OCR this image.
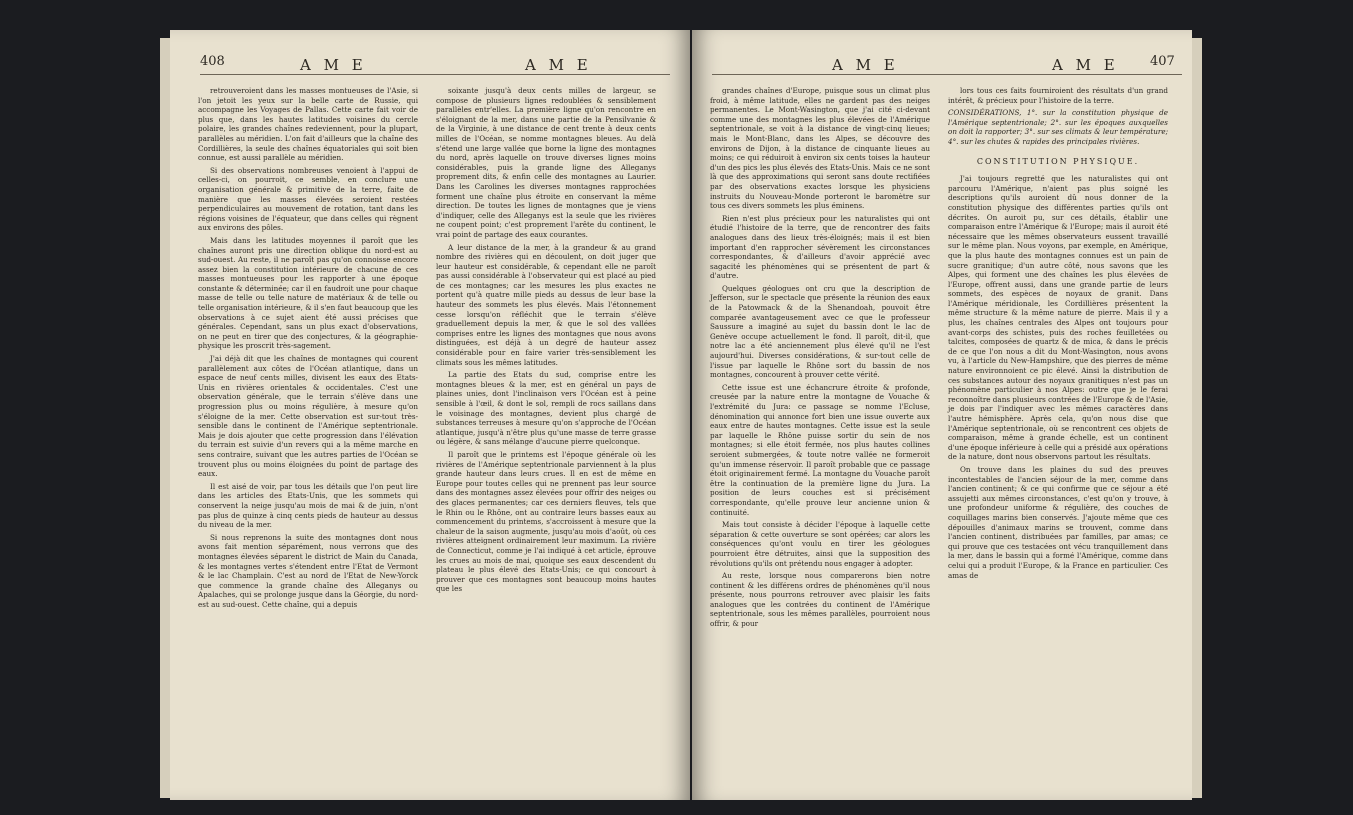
408	A M E	A M E

retrouveroient dans les masses montueuses de l'Asie, si l'on jetoit les yeux sur la belle carte de Russie, qui accompagne les Voyages de Pallas. Cette carte fait voir de plus que, dans les hautes latitudes voisines du cercle polaire, les grandes chaînes redeviennent, pour la plupart, parallèles au méridien. L'on fait d'ailleurs que la chaîne des Cordillières, la seule des chaînes équatoriales qui soit bien connue, est aussi parallèle au méridien.

Si des observations nombreuses venoient à l'appui de celles-ci, on pourroit, ce semble, en conclure une organisation générale & primitive de la terre, faite de manière que les masses élevées seroient restées perpendiculaires au mouvement de rotation, tant dans les régions voisines de l'équateur, que dans celles qui règnent aux environs des pôles.

Mais dans les latitudes moyennes il paroît que les chaînes auront pris une direction oblique du nord-est au sud-ouest. Au reste, il ne paroît pas qu'on connoisse encore assez bien la constitution intérieure de chacune de ces masses montueuses pour les rapporter à une époque constante & déterminée; car il en faudroit une pour chaque masse de telle ou telle nature de matériaux & de telle ou telle organisation intérieure, & il s'en faut beaucoup que les observations à ce sujet aient été aussi précises que générales. Cependant, sans un plus exact d'observations, on ne peut en tirer que des conjectures, & la géographie-physique les proscrit très-sagement.

J'ai déjà dit que les chaînes de montagnes qui courent parallèlement aux côtes de l'Océan atlantique, dans un espace de neuf cents milles, divisent les eaux des Etats-Unis en rivières orientales & occidentales. C'est une observation générale, que le terrain s'élève dans une progression plus ou moins régulière, à mesure qu'on s'éloigne de la mer. Cette observation est sur-tout très-sensible dans le continent de l'Amérique septentrionale. Mais je dois ajouter que cette progression dans l'élévation du terrain est suivie d'un revers qui a la même marche en sens contraire, suivant que les autres parties de l'Océan se trouvent plus ou moins éloignées du point de partage des eaux.

Il est aisé de voir, par tous les détails que l'on peut lire dans les articles des Etats-Unis, que les sommets qui conservent la neige jusqu'au mois de mai & de juin, n'ont pas plus de quinze à cinq cents pieds de hauteur au dessus du niveau de la mer.

Si nous reprenons la suite des montagnes dont nous avons fait mention séparément, nous verrons que des montagnes élevées séparent le district de Main du Canada, & les montagnes vertes s'étendent entre l'Etat de Vermont & le lac Champlain. C'est au nord de l'Etat de New-Yorck que commence la grande chaîne des Alleganys ou Apalaches, qui se prolonge jusque dans la Géorgie, du nord-est au sud-ouest. Cette chaîne, qui a depuis

soixante jusqu'à deux cents milles de largeur, se compose de plusieurs lignes redoublées & sensiblement parallèles entr'elles. La première ligne qu'on rencontre en s'éloignant de la mer, dans une partie de la Pensilvanie & de la Virginie, à une distance de cent trente à deux cents milles de l'Océan, se nomme montagnes bleues. Au delà s'étend une large vallée que borne la ligne des montagnes du nord, après laquelle on trouve diverses lignes moins considérables, puis la grande ligne des Alleganys proprement dits, & enfin celle des montagnes au Laurier. Dans les Carolines les diverses montagnes rapprochées forment une chaîne plus étroite en conservant la même direction. De toutes les lignes de montagnes que je viens d'indiquer, celle des Alleganys est la seule que les rivières ne coupent point; c'est proprement l'arête du continent, le vrai point de partage des eaux courantes.

A leur distance de la mer, à la grandeur & au grand nombre des rivières qui en découlent, on doit juger que leur hauteur est considérable, & cependant elle ne paroît pas aussi considérable à l'observateur qui est placé au pied de ces montagnes; car les mesures les plus exactes ne portent qu'à quatre mille pieds au dessus de leur base la hauteur des sommets les plus élevés. Mais l'étonnement cesse lorsqu'on réfléchit que le terrain s'élève graduellement depuis la mer, & que le sol des vallées comprises entre les lignes des montagnes que nous avons distinguées, est déjà à un degré de hauteur assez considérable pour en faire varier très-sensiblement les climats sous les mêmes latitudes.

La partie des Etats du sud, comprise entre les montagnes bleues & la mer, est en général un pays de plaines unies, dont l'inclinaison vers l'Océan est à peine sensible à l'œil, & dont le sol, rempli de rocs saillans dans le voisinage des montagnes, devient plus chargé de substances terreuses à mesure qu'on s'approche de l'Océan atlantique, jusqu'à n'être plus qu'une masse de terre grasse ou légère, & sans mélange d'aucune pierre quelconque.

Il paroît que le printems est l'époque générale où les rivières de l'Amérique septentrionale parviennent à la plus grande hauteur dans leurs crues. Il en est de même en Europe pour toutes celles qui ne prennent pas leur source dans des montagnes assez élevées pour offrir des neiges ou des glaces permanentes; car ces derniers fleuves, tels que le Rhin ou le Rhône, ont au contraire leurs basses eaux au commencement du printems, s'accroissent à mesure que la chaleur de la saison augmente, jusqu'au mois d'août, où ces rivières atteignent ordinairement leur maximum. La rivière de Connecticut, comme je l'ai indiqué à cet article, éprouve les crues au mois de mai, quoique ses eaux descendent du plateau le plus élevé des Etats-Unis; ce qui concourt à prouver que ces montagnes sont beaucoup moins hautes que les

A M E	A M E 407

grandes chaînes d'Europe, puisque sous un climat plus froid, à même latitude, elles ne gardent pas des neiges permanentes. Le Mont-Wasington, que j'ai cité ci-devant comme une des montagnes les plus élevées de l'Amérique septentrionale, se voit à la distance de vingt-cinq lieues; mais le Mont-Blanc, dans les Alpes, se découvre des environs de Dijon, à la distance de cinquante lieues au moins; ce qui réduiroit à environ six cents toises la hauteur d'un des pics les plus élevés des Etats-Unis. Mais ce ne sont là que des approximations qui seront sans doute rectifiées par des observations exactes lorsque les physiciens instruits du Nouveau-Monde porteront le baromètre sur tous ces divers sommets les plus éminens.

Rien n'est plus précieux pour les naturalistes qui ont étudié l'histoire de la terre, que de rencontrer des faits analogues dans des lieux très-éloignés; mais il est bien important d'en rapprocher sévèrement les circonstances correspondantes, & d'ailleurs d'avoir apprécié avec sagacité les phénomènes qui se présentent de part & d'autre.

Quelques géologues ont cru que la description de Jefferson, sur le spectacle que présente la réunion des eaux de la Patowmack & de la Shenandoah, pouvoit être comparée avantageusement avec ce que le professeur Saussure a imaginé au sujet du bassin dont le lac de Genève occupe actuellement le fond. Il paroît, dit-il, que notre lac a été anciennement plus élevé qu'il ne l'est aujourd'hui. Diverses considérations, & sur-tout celle de l'issue par laquelle le Rhône sort du bassin de nos montagnes, concourent à prouver cette vérité.

Cette issue est une échancrure étroite & profonde, creusée par la nature entre la montagne de Vouache & l'extrémité du Jura: ce passage se nomme l'Ecluse, dénomination qui annonce fort bien une issue ouverte aux eaux entre de hautes montagnes. Cette issue est la seule par laquelle le Rhône puisse sortir du sein de nos montagnes; si elle étoit fermée, nos plus hautes collines seroient submergées, & toute notre vallée ne formeroit qu'un immense réservoir. Il paroît probable que ce passage étoit originairement fermé. La montagne du Vouache paroît être la continuation de la première ligne du Jura. La position de leurs couches est si précisément correspondante, qu'elle prouve leur ancienne union & continuité.

Mais tout consiste à décider l'époque à laquelle cette séparation & cette ouverture se sont opérées; car alors les conséquences qu'ont voulu en tirer les géologues pourroient être détruites, ainsi que la supposition des révolutions qu'ils ont prétendu nous engager à adopter.

Au reste, lorsque nous comparerons bien notre continent & les différens ordres de phénomènes qu'il nous présente, nous pourrons retrouver avec plaisir les faits analogues que les contrées du continent de l'Amérique septentrionale, sous les mêmes parallèles, pourroient nous offrir, & pour

lors tous ces faits fourniroient des résultats d'un grand intérêt, & précieux pour l'histoire de la terre.

CONSIDÉRATIONS, 1°. sur la constitution physique de l'Amérique septentrionale; 2°. sur les époques auxquelles on doit la rapporter; 3°. sur ses climats & leur température; 4°. sur les chutes & rapides des principales rivières.

CONSTITUTION PHYSIQUE.

J'ai toujours regretté que les naturalistes qui ont parcouru l'Amérique, n'aient pas plus soigné les descriptions qu'ils auroient dû nous donner de la constitution physique des différentes parties qu'ils ont décrites. On auroit pu, sur ces détails, établir une comparaison entre l'Amérique & l'Europe; mais il auroit été nécessaire que les mêmes observateurs eussent travaillé sur le même plan. Nous voyons, par exemple, en Amérique, que la plus haute des montagnes connues est un pain de sucre granitique; d'un autre côté, nous savons que les Alpes, qui forment une des chaînes les plus élevées de l'Europe, offrent aussi, dans une grande partie de leurs sommets, des espèces de noyaux de granit. Dans l'Amérique méridionale, les Cordillières présentent la même structure & la même nature de pierre. Mais il y a plus, les chaînes centrales des Alpes ont toujours pour avant-corps des schistes, puis des roches feuilletées ou talcites, composées de quartz & de mica, & dans le précis de ce que l'on nous a dit du Mont-Wasington, nous avons vu, à l'article du New-Hampshire, que des pierres de même nature environnoient ce pic élevé. Ainsi la distribution de ces substances autour des noyaux granitiques n'est pas un phénomène particulier à nos Alpes: outre que je le ferai reconnoître dans plusieurs contrées de l'Europe & de l'Asie, je dois par l'indiquer avec les mêmes caractères dans l'autre hémisphère. Après cela, qu'on nous dise que l'Amérique septentrionale, où se rencontrent ces objets de comparaison, même à grande échelle, est un continent d'une époque inférieure à celle qui a présidé aux opérations de la nature, dont nous observons partout les résultats.

On trouve dans les plaines du sud des preuves incontestables de l'ancien séjour de la mer, comme dans l'ancien continent; & ce qui confirme que ce séjour a été assujetti aux mêmes circonstances, c'est qu'on y trouve, à une profondeur uniforme & régulière, des couches de coquillages marins bien conservés. J'ajoute même que ces dépouilles d'animaux marins se trouvent, comme dans l'ancien continent, distribuées par familles, par amas; ce qui prouve que ces testacées ont vécu tranquillement dans la mer, dans le bassin qui a formé l'Amérique, comme dans celui qui a produit l'Europe, & la France en particulier. Ces amas de
